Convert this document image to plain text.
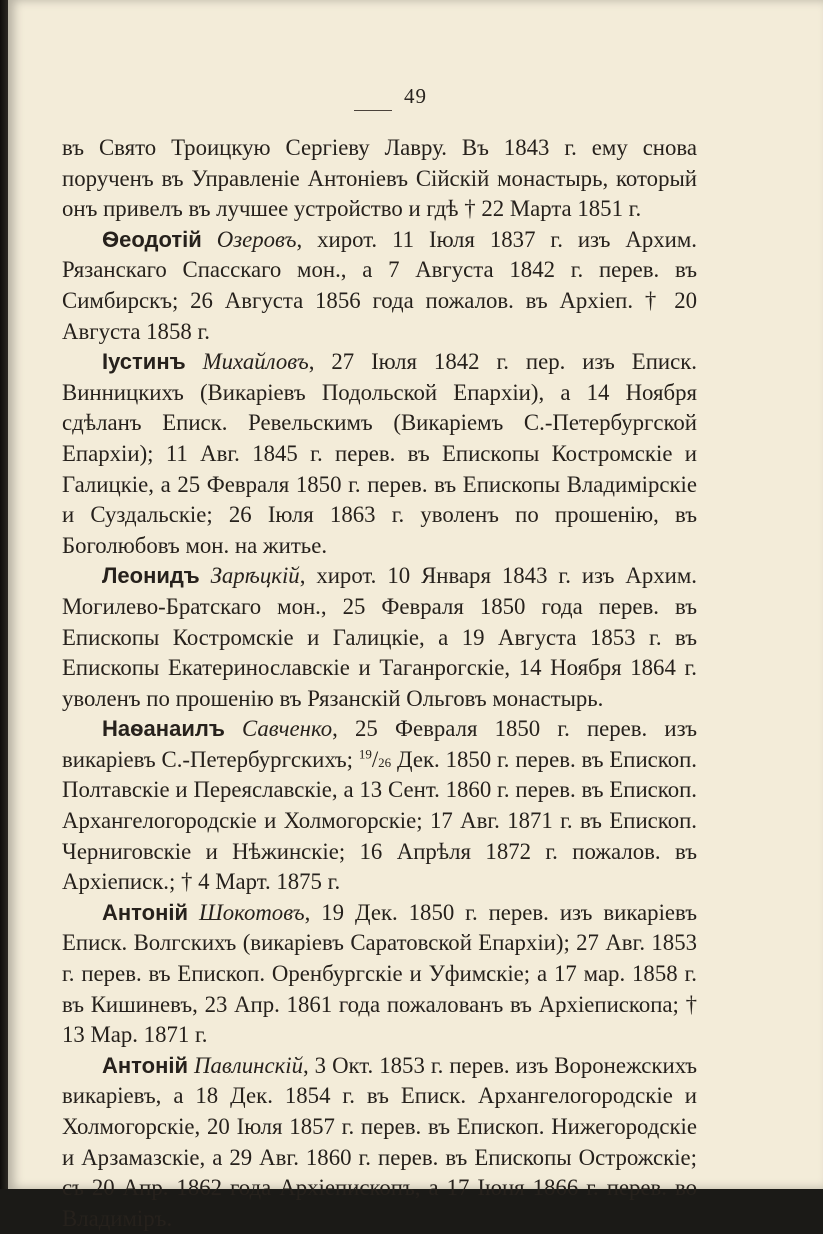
49

въ Свято Троицкую Сергіеву Лавру. Въ 1843 г. ему снова порученъ въ Управленіе Антоніевъ Сійскій монастырь, который онъ привелъ въ лучшее устройство и гдѣ † 22 Марта 1851 г.

Ѳеодотій Озеровъ, хирот. 11 Іюля 1837 г. изъ Архим. Рязанскаго Спасскаго мон., а 7 Августа 1842 г. перев. въ Симбирскъ; 26 Августа 1856 года пожалов. въ Архіеп. † 20 Августа 1858 г.

Іустинъ Михайловъ, 27 Іюля 1842 г. пер. изъ Еписк. Винницкихъ (Викаріевъ Подольской Епархіи), а 14 Ноября сдѣланъ Еписк. Ревельскимъ (Викаріемъ С.-Петербургской Епархіи); 11 Авг. 1845 г. перев. въ Епископы Костромскіе и Галицкіе, а 25 Февраля 1850 г. перев. въ Епископы Владимірскіе и Суздальскіе; 26 Іюля 1863 г. уволенъ по прошенію, въ Боголюбовъ мон. на житье.

Леонидъ Зарѣцкій, хирот. 10 Января 1843 г. изъ Архим. Могилево-Братскаго мон., 25 Февраля 1850 года перев. въ Епископы Костромскіе и Галицкіе, а 19 Августа 1853 г. въ Епископы Екатеринославскіе и Таганрогскіе, 14 Ноября 1864 г. уволенъ по прошенію въ Рязанскій Ольговъ монастырь.

Наѳанаилъ Савченко, 25 Февраля 1850 г. перев. изъ викаріевъ С.-Петербургскихъ; $^{19}$/26 Дек. 1850 г. перев. въ Епископ. Полтавскіе и Переяславскіе, а 13 Сент. 1860 г. перев. въ Епископ. Архангелогородскіе и Холмогорскіе; 17 Авг. 1871 г. въ Епископ. Черниговскіе и Нѣжинскіе; 16 Апрѣля 1872 г. пожалов. въ Архіеписк.; † 4 Март. 1875 г.

Антоній Шокотовъ, 19 Дек. 1850 г. перев. изъ викаріевъ Еписк. Волгскихъ (викаріевъ Саратовской Епархіи); 27 Авг. 1853 г. перев. въ Епископ. Оренбургскіе и Уфимскіе; а 17 мар. 1858 г. въ Кишиневъ, 23 Апр. 1861 года пожалованъ въ Архіепископа; † 13 Мар. 1871 г.

Антоній Павлинскій, 3 Окт. 1853 г. перев. изъ Воронежскихъ викаріевъ, а 18 Дек. 1854 г. въ Еписк. Архангелогородскіе и Холмогорскіе, 20 Іюля 1857 г. перев. въ Епископ. Нижегородскіе и Арзамазскіе, а 29 Авг. 1860 г. перев. въ Епископы Острожскіе; съ 20 Апр. 1862 года Архіепископъ, а 17 Іюня 1866 г. перев. во Владиміръ.
